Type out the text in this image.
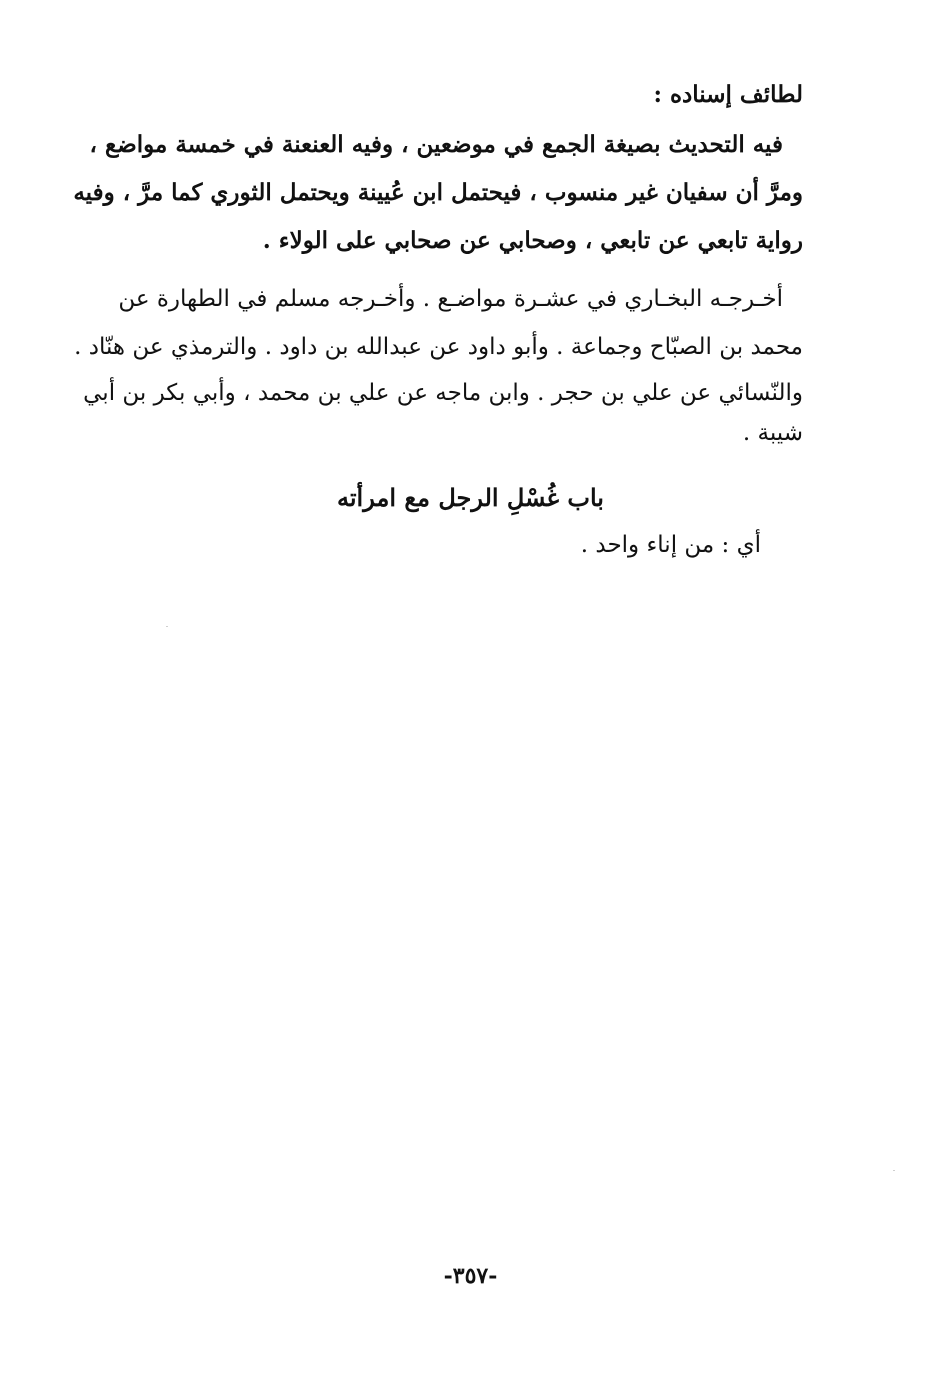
لطائف إسناده :
فيه التحديث بصيغة الجمع في موضعين ، وفيه العنعنة في خمسة مواضع ،
ومرَّ أن سفيان غير منسوب ، فيحتمل ابن عُيينة ويحتمل الثوري كما مرَّ ، وفيه
رواية تابعي عن تابعي ، وصحابي عن صحابي على الولاء .
أخـرجـه البخـاري في عشـرة مواضـع . وأخـرجه مسلم في الطهارة عن
محمد بن الصبّاح وجماعة . وأبو داود عن عبدالله بن داود . والترمذي عن هنّاد .
والنّسائي عن علي بن حجر . وابن ماجه عن علي بن محمد ، وأبي بكر بن أبي
شيبة .
باب غُسْلِ الرجل مع امرأته
أي : من إناء واحد .
-٣٥٧-
